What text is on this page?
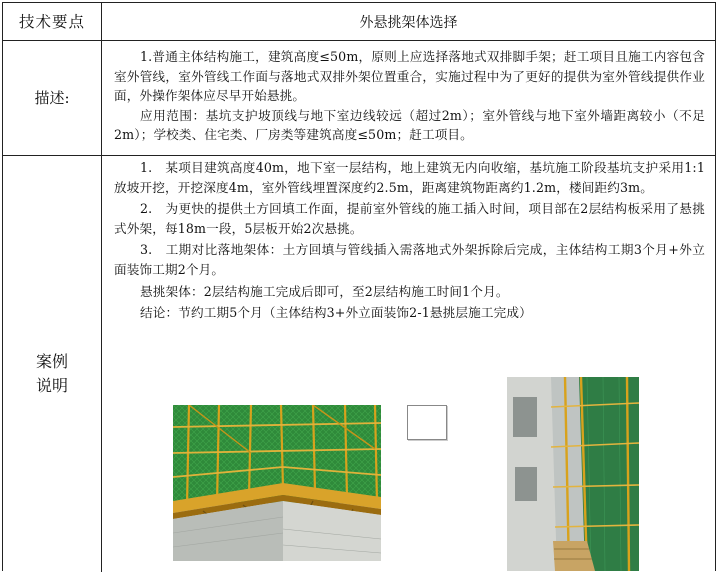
技术要点	外悬挑架体选择
描述:

1.普通主体结构施工，建筑高度≤50m，原则上应选择落地式双排脚手架；赶工项目且施工内容包含室外管线，室外管线工作面与落地式双排外架位置重合，实施过程中为了更好的提供为室外管线提供作业面，外操作架体应尽早开始悬挑。

应用范围：基坑支护坡顶线与地下室边线较远（超过2m）；室外管线与地下室外墙距离较小（不足2m）；学校类、住宅类、厂房类等建筑高度≤50m；赶工项目。

案例
说明

1.　某项目建筑高度40m，地下室一层结构，地上建筑无内向收缩，基坑施工阶段基坑支护采用1:1放坡开挖，开挖深度4m，室外管线埋置深度约2.5m，距离建筑物距离约1.2m，楼间距约3m。

2.　为更快的提供土方回填工作面，提前室外管线的施工插入时间，项目部在2层结构板采用了悬挑式外架，每18m一段，5层板开始2次悬挑。

3.　工期对比落地架体：土方回填与管线插入需落地式外架拆除后完成，主体结构工期3个月+外立面装饰工期2个月。

悬挑架体：2层结构施工完成后即可，至2层结构施工时间1个月。

结论：节约工期5个月（主体结构3+外立面装饰2-1悬挑层施工完成）
